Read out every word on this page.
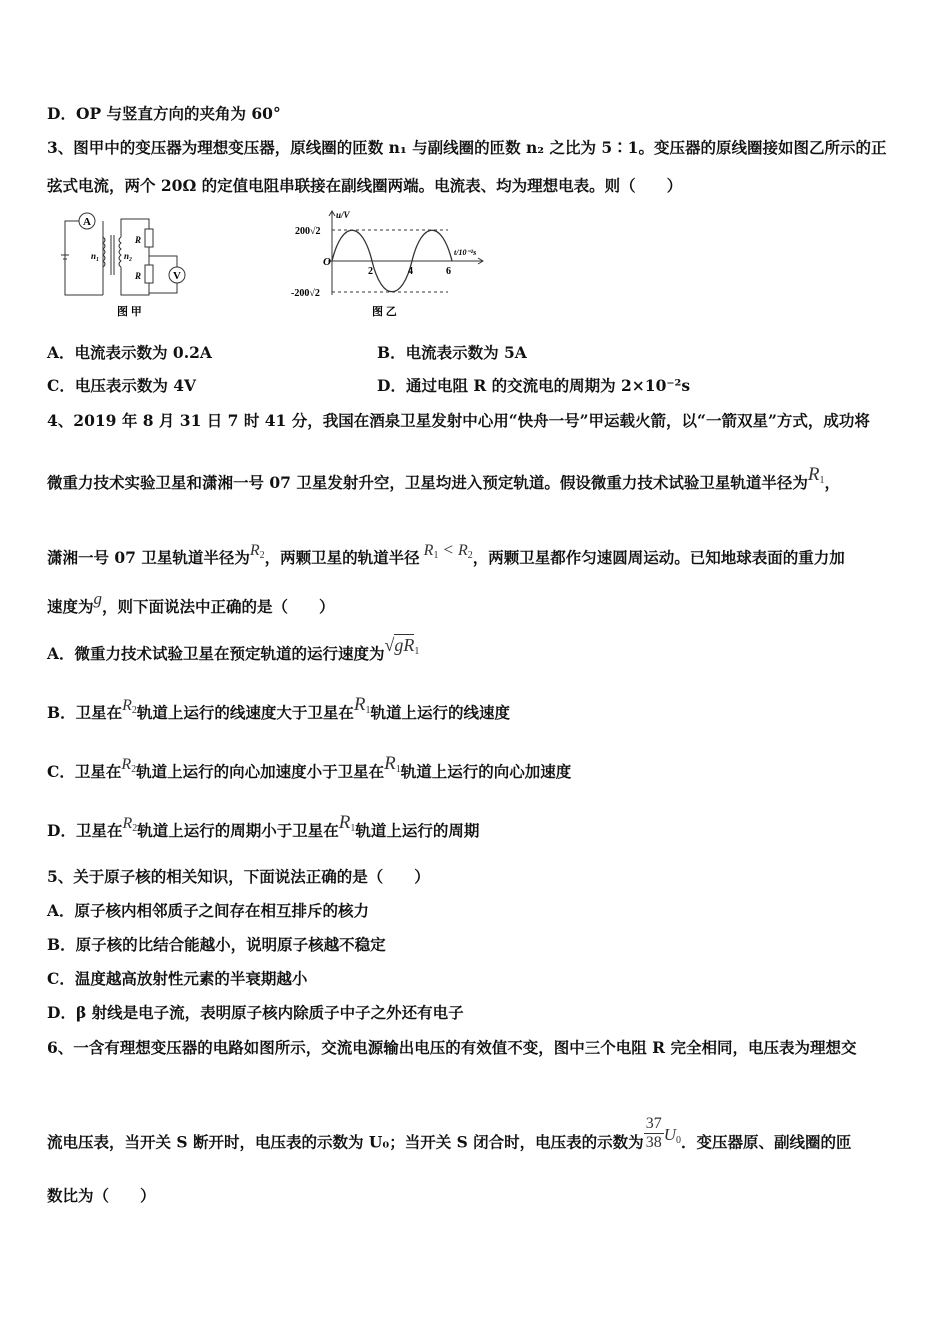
D．OP 与竖直方向的夹角为 60°
3、图甲中的变压器为理想变压器，原线圈的匝数 n₁ 与副线圈的匝数 n₂ 之比为 5∶1。变压器的原线圈接如图乙所示的正
弦式电流，两个 20Ω 的定值电阻串联接在副线圈两端。电流表、均为理想电表。则（　　）
A
V
n₁	n₂
R
R
图 甲
200√2
-200√2
u/V
t/10⁻²s
O
2	4	6
图 乙
A．电流表示数为 0.2A	B．电流表示数为 5A
C．电压表示数为 4V	D．通过电阻 R 的交流电的周期为 2×10⁻²s
4、2019 年 8 月 31 日 7 时 41 分，我国在酒泉卫星发射中心用“快舟一号”甲运载火箭，以“一箭双星”方式，成功将
微重力技术实验卫星和潇湘一号 07 卫星发射升空，卫星均进入预定轨道。假设微重力技术试验卫星轨道半径为$R_1$，
潇湘一号 07 卫星轨道半径为$R_2$，两颗卫星的轨道半径 $R_1 < R_2$，两颗卫星都作匀速圆周运动。已知地球表面的重力加
速度为g，则下面说法中正确的是（　　）
A．微重力技术试验卫星在预定轨道的运行速度为$√gR_1$
B．卫星在$R_2$轨道上运行的线速度大于卫星在$R_1$轨道上运行的线速度
C．卫星在$R_2$轨道上运行的向心加速度小于卫星在$R_1$轨道上运行的向心加速度
D．卫星在$R_2$轨道上运行的周期小于卫星在$R_1$轨道上运行的周期
5、关于原子核的相关知识，下面说法正确的是（　　）
A．原子核内相邻质子之间存在相互排斥的核力
B．原子核的比结合能越小，说明原子核越不稳定
C．温度越高放射性元素的半衰期越小
D．β 射线是电子流，表明原子核内除质子中子之外还有电子
6、一含有理想变压器的电路如图所示，交流电源输出电压的有效值不变，图中三个电阻 R 完全相同，电压表为理想交
流电压表，当开关 S 断开时，电压表的示数为 U₀；当开关 S 闭合时，电压表的示数为 $\frac{37}{38} U_0$．变压器原、副线圈的匝
数比为（　　）
